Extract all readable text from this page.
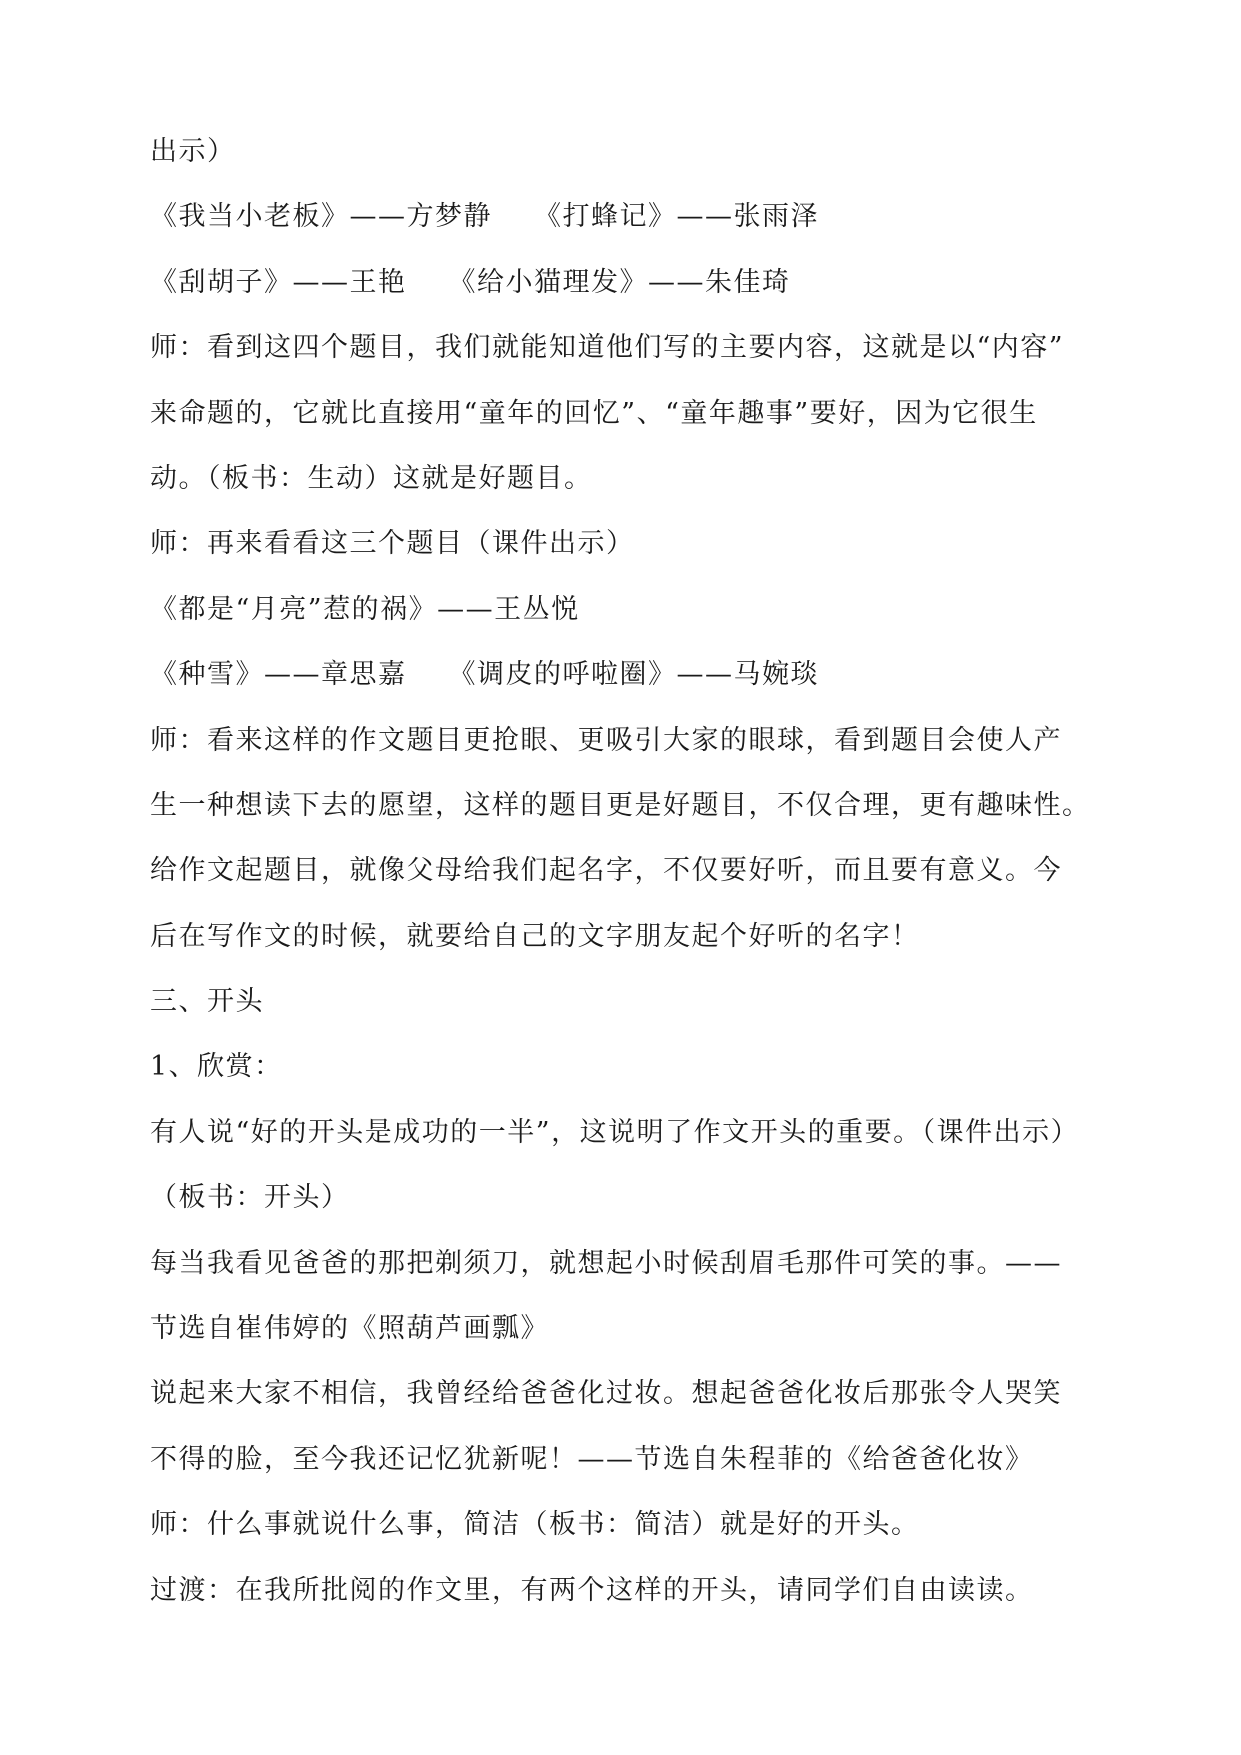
出示）
《我当小老板》——方梦静 《打蜂记》——张雨泽
《刮胡子》——王艳 《给小猫理发》——朱佳琦
师：看到这四个题目，我们就能知道他们写的主要内容，这就是以“内容”
来命题的，它就比直接用“童年的回忆”、“童年趣事”要好，因为它很生
动。（板书：生动）这就是好题目。
师：再来看看这三个题目（课件出示）
《都是“月亮”惹的祸》——王丛悦
《种雪》——章思嘉 《调皮的呼啦圈》——马婉琰
师：看来这样的作文题目更抢眼、更吸引大家的眼球，看到题目会使人产
生一种想读下去的愿望，这样的题目更是好题目，不仅合理，更有趣味性。
给作文起题目，就像父母给我们起名字，不仅要好听，而且要有意义。今
后在写作文的时候，就要给自己的文字朋友起个好听的名字！
三、开头
1、欣赏：
有人说“好的开头是成功的一半”，这说明了作文开头的重要。（课件出示）
（板书：开头）
每当我看见爸爸的那把剃须刀，就想起小时候刮眉毛那件可笑的事。——
节选自崔伟婷的《照葫芦画瓢》
说起来大家不相信，我曾经给爸爸化过妆。想起爸爸化妆后那张令人哭笑
不得的脸，至今我还记忆犹新呢！——节选自朱程菲的《给爸爸化妆》
师：什么事就说什么事，简洁（板书：简洁）就是好的开头。
过渡：在我所批阅的作文里，有两个这样的开头，请同学们自由读读。
